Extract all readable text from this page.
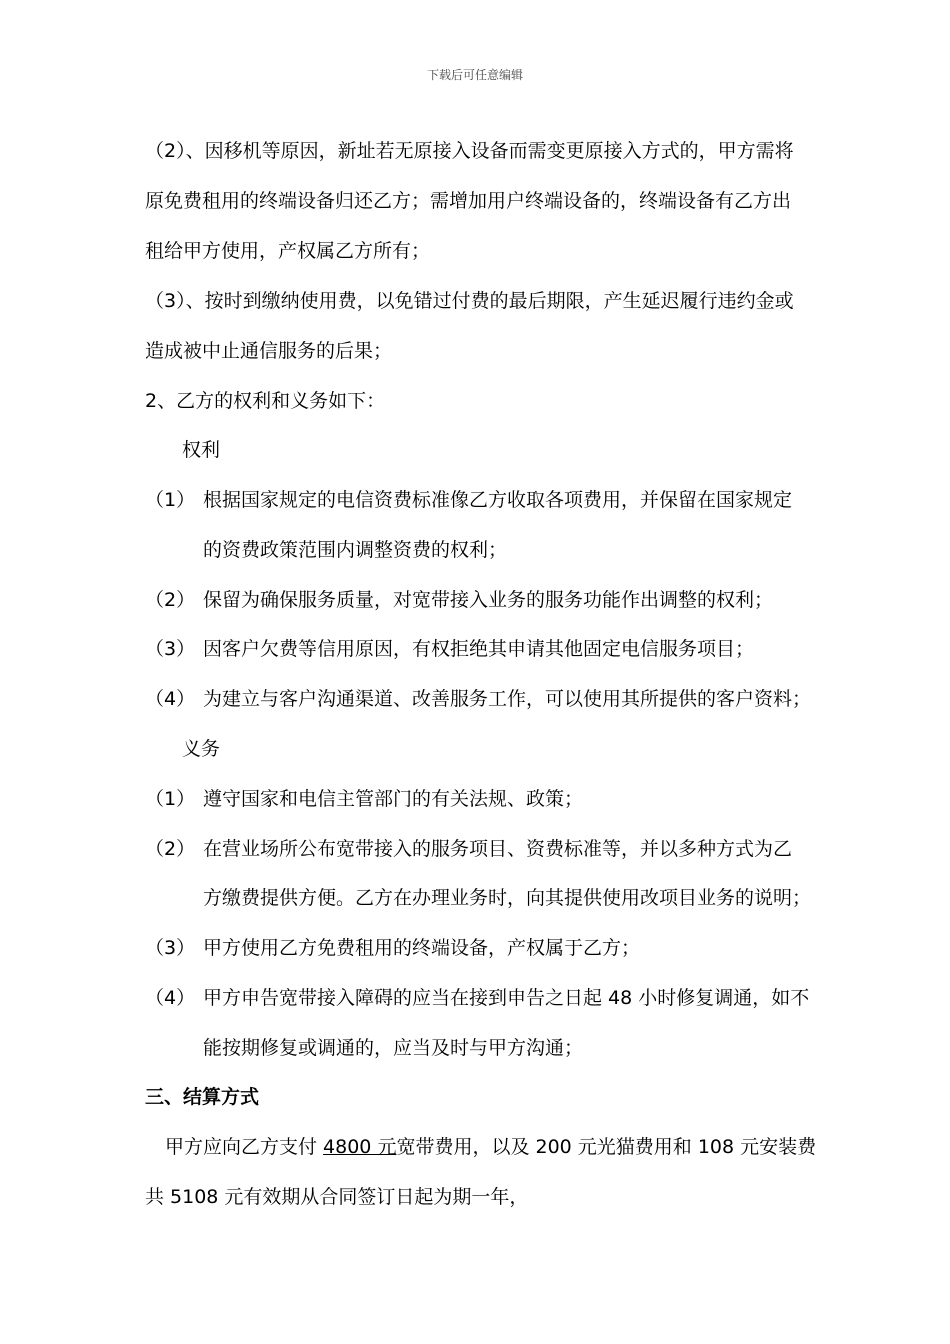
下载后可任意编辑
（2）、因移机等原因，新址若无原接入设备而需变更原接入方式的，甲方需将
原免费租用的终端设备归还乙方；需增加用户终端设备的，终端设备有乙方出
租给甲方使用，产权属乙方所有；
（3）、按时到缴纳使用费，以免错过付费的最后期限，产生延迟履行违约金或
造成被中止通信服务的后果；
2、乙方的权利和义务如下：
权利
（1） 根据国家规定的电信资费标准像乙方收取各项费用，并保留在国家规定
的资费政策范围内调整资费的权利；
（2） 保留为确保服务质量，对宽带接入业务的服务功能作出调整的权利；
（3） 因客户欠费等信用原因，有权拒绝其申请其他固定电信服务项目；
（4） 为建立与客户沟通渠道、改善服务工作，可以使用其所提供的客户资料；
义务
（1） 遵守国家和电信主管部门的有关法规、政策；
（2） 在营业场所公布宽带接入的服务项目、资费标准等，并以多种方式为乙
方缴费提供方便。乙方在办理业务时，向其提供使用改项目业务的说明；
（3） 甲方使用乙方免费租用的终端设备，产权属于乙方；
（4） 甲方申告宽带接入障碍的应当在接到申告之日起 48 小时修复调通，如不
能按期修复或调通的，应当及时与甲方沟通；
三、结算方式
甲方应向乙方支付 4800 元宽带费用，以及 200 元光猫费用和 108 元安装费
共 5108 元有效期从合同签订日起为期一年，
